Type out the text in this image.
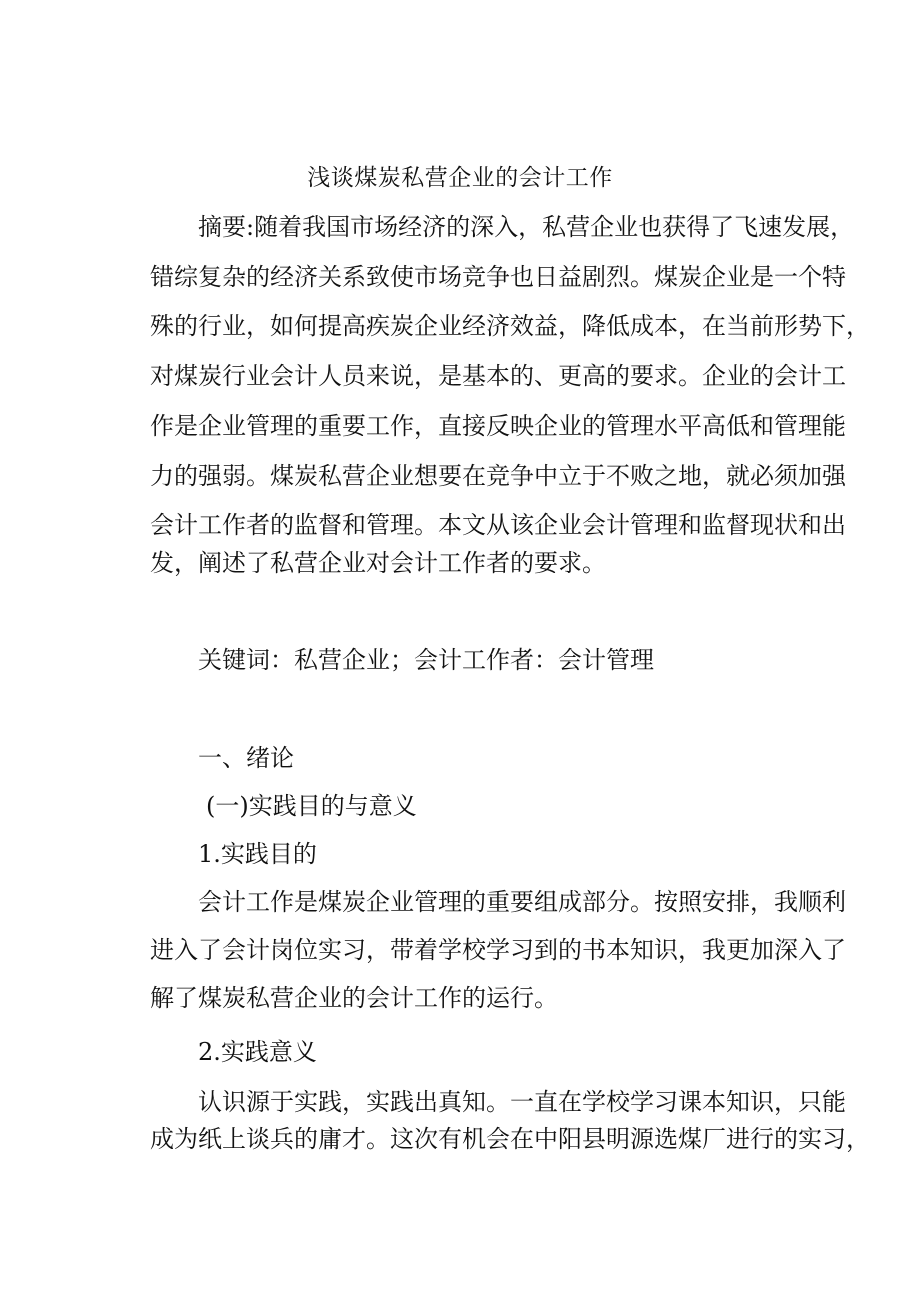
浅谈煤炭私营企业的会计工作

摘要:随着我国市场经济的深入，私营企业也获得了飞速发展，

错综复杂的经济关系致使市场竞争也日益剧烈。煤炭企业是一个特

殊的行业，如何提高疾炭企业经济效益，降低成本，在当前形势下，

对煤炭行业会计人员来说，是基本的、更高的要求。企业的会计工

作是企业管理的重要工作，直接反映企业的管理水平高低和管理能

力的强弱。煤炭私营企业想要在竞争中立于不败之地，就必须加强

会计工作者的监督和管理。本文从该企业会计管理和监督现状和出

发，阐述了私营企业对会计工作者的要求。

关键词：私营企业；会计工作者：会计管理

一、绪论

(一)实践目的与意义

1.实践目的

会计工作是煤炭企业管理的重要组成部分。按照安排，我顺利

进入了会计岗位实习，带着学校学习到的书本知识，我更加深入了

解了煤炭私营企业的会计工作的运行。

2.实践意义

认识源于实践，实践出真知。一直在学校学习课本知识，只能

成为纸上谈兵的庸才。这次有机会在中阳县明源选煤厂进行的实习，
